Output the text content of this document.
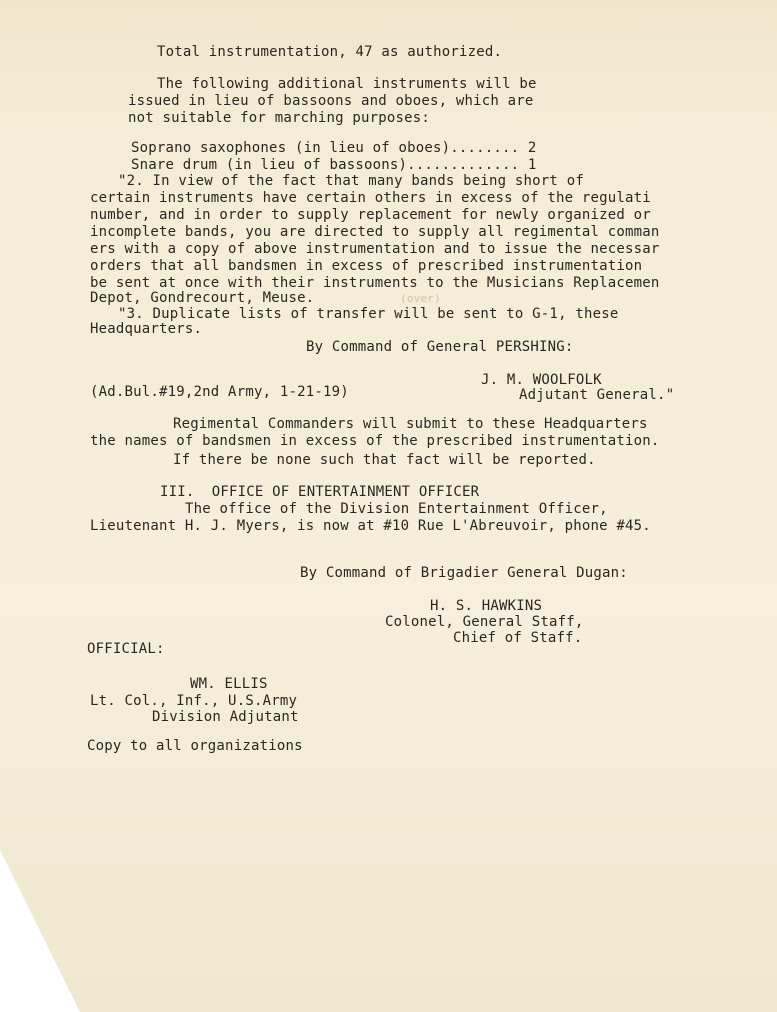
Total instrumentation, 47 as authorized.
The following additional instruments will be
issued in lieu of bassoons and oboes, which are
not suitable for marching purposes:
Soprano saxophones (in lieu of oboes)........ 2
Snare drum (in lieu of bassoons)............. 1
"2. In view of the fact that many bands being short of
certain instruments have certain others in excess of the regulati
number, and in order to supply replacement for newly organized or
incomplete bands, you are directed to supply all regimental comman
ers with a copy of above instrumentation and to issue the necessar
orders that all bandsmen in excess of prescribed instrumentation
be sent at once with their instruments to the Musicians Replacemen
Depot, Gondrecourt, Meuse.	(over)
"3. Duplicate lists of transfer will be sent to G-1, these
Headquarters.
By Command of General PERSHING:
(Ad.Bul.#19,2nd Army, 1-21-19)
J. M. WOOLFOLK
Adjutant General."
Regimental Commanders will submit to these Headquarters
the names of bandsmen in excess of the prescribed instrumentation.
If there be none such that fact will be reported.
III.  OFFICE OF ENTERTAINMENT OFFICER
The office of the Division Entertainment Officer,
Lieutenant H. J. Myers, is now at #10 Rue L'Abreuvoir, phone #45.
By Command of Brigadier General Dugan:
H. S. HAWKINS
Colonel, General Staff,
Chief of Staff.
OFFICIAL:
WM. ELLIS
Lt. Col., Inf., U.S.Army
Division Adjutant
Copy to all organizations
